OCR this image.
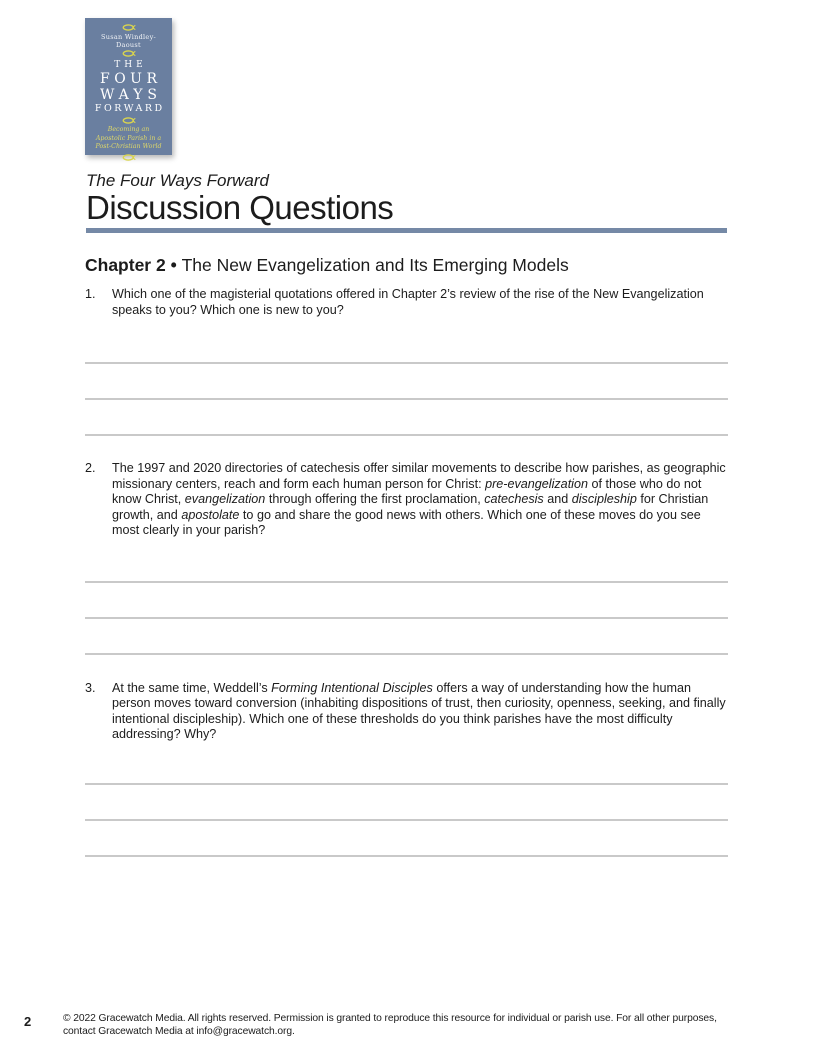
Susan Windley-Daoust
THE
FOUR
WAYS
FORWARD
Becoming an
Apostolic Parish in a
Post-Christian World
The Four Ways Forward
Discussion Questions
Chapter 2 • The New Evangelization and Its Emerging Models
1.	Which one of the magisterial quotations offered in Chapter 2’s review of the rise of the New Evangelization speaks to you? Which one is new to you?
2.	The 1997 and 2020 directories of catechesis offer similar movements to describe how parishes, as geographic missionary centers, reach and form each human person for Christ: pre-evangelization of those who do not know Christ, evangelization through offering the first proclamation, catechesis and discipleship for Christian growth, and apostolate to go and share the good news with others. Which one of these moves do you see most clearly in your parish?
3.	At the same time, Weddell’s Forming Intentional Disciples offers a way of understanding how the human person moves toward conversion (inhabiting dispositions of trust, then curiosity, openness, seeking, and finally intentional discipleship). Which one of these thresholds do you think parishes have the most difficulty addressing? Why?
2	© 2022 Gracewatch Media. All rights reserved. Permission is granted to reproduce this resource for individual or parish use. For all other purposes, contact Gracewatch Media at info@gracewatch.org.
